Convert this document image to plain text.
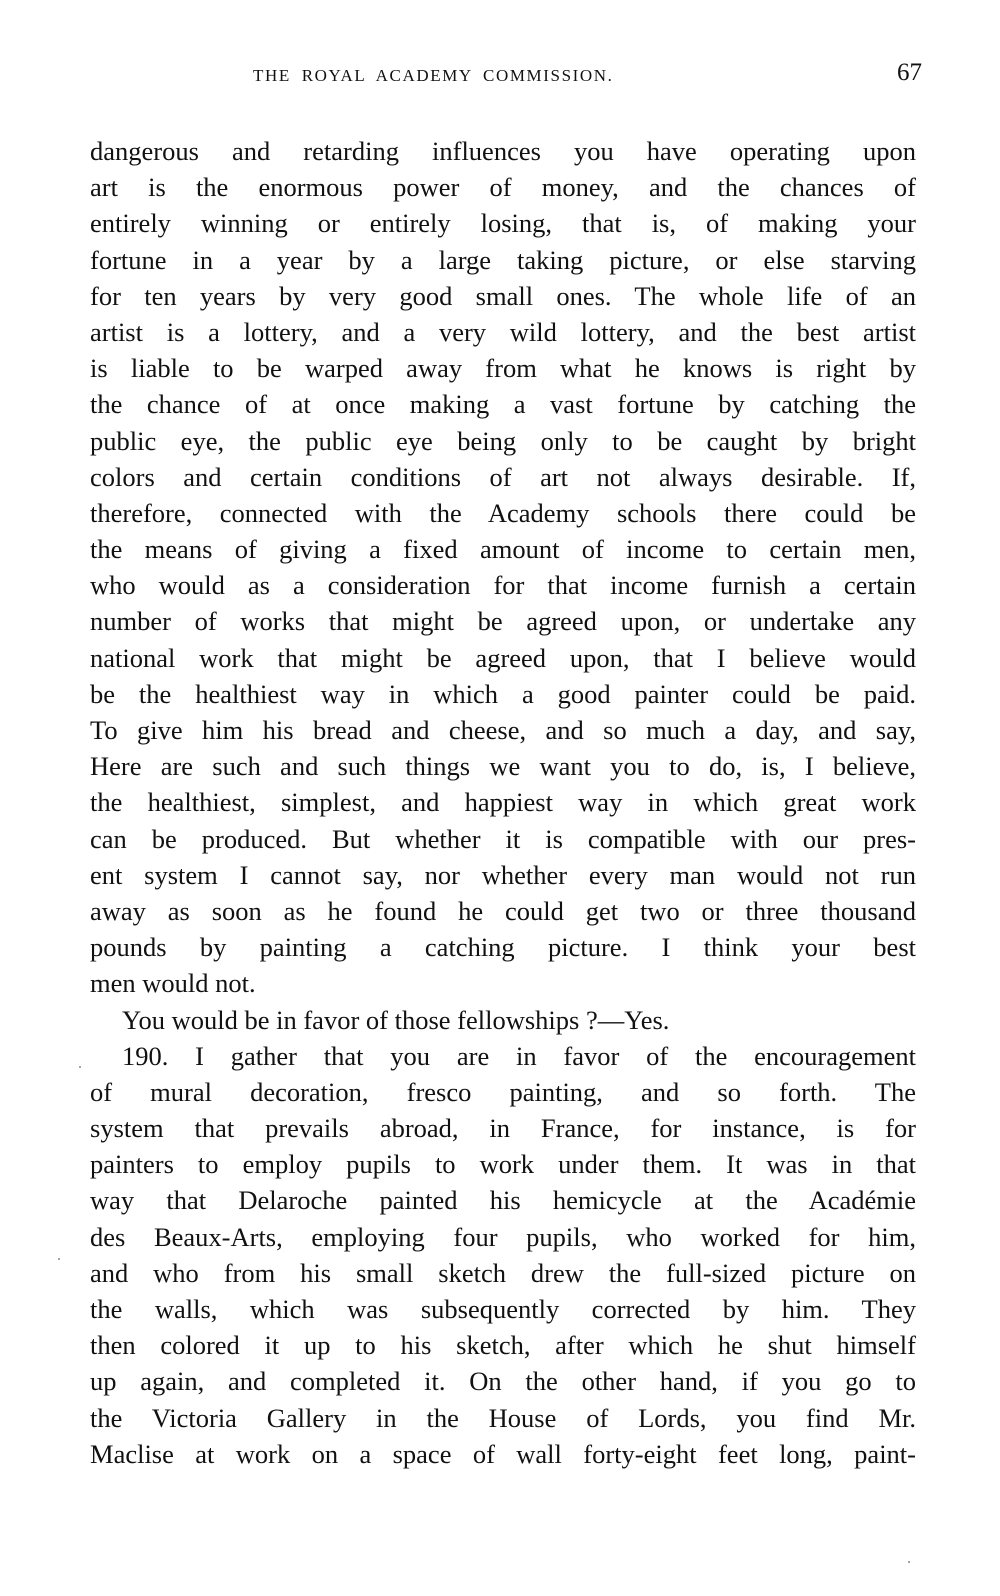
THE ROYAL ACADEMY COMMISSION.	67
dangerous and retarding influences you have operating upon
art is the enormous power of money, and the chances of
entirely winning or entirely losing, that is, of making your
fortune in a year by a large taking picture, or else starving
for ten years by very good small ones. The whole life of an
artist is a lottery, and a very wild lottery, and the best artist
is liable to be warped away from what he knows is right by
the chance of at once making a vast fortune by catching the
public eye, the public eye being only to be caught by bright
colors and certain conditions of art not always desirable. If,
therefore, connected with the Academy schools there could be
the means of giving a fixed amount of income to certain men,
who would as a consideration for that income furnish a certain
number of works that might be agreed upon, or undertake any
national work that might be agreed upon, that I believe would
be the healthiest way in which a good painter could be paid.
To give him his bread and cheese, and so much a day, and say,
Here are such and such things we want you to do, is, I believe,
the healthiest, simplest, and happiest way in which great work
can be produced. But whether it is compatible with our pres-
ent system I cannot say, nor whether every man would not run
away as soon as he found he could get two or three thousand
pounds by painting a catching picture. I think your best
men would not.
You would be in favor of those fellowships ?—Yes.
190. I gather that you are in favor of the encouragement
of mural decoration, fresco painting, and so forth. The
system that prevails abroad, in France, for instance, is for
painters to employ pupils to work under them. It was in that
way that Delaroche painted his hemicycle at the Académie
des Beaux-Arts, employing four pupils, who worked for him,
and who from his small sketch drew the full-sized picture on
the walls, which was subsequently corrected by him. They
then colored it up to his sketch, after which he shut himself
up again, and completed it. On the other hand, if you go to
the Victoria Gallery in the House of Lords, you find Mr.
Maclise at work on a space of wall forty-eight feet long, paint-
